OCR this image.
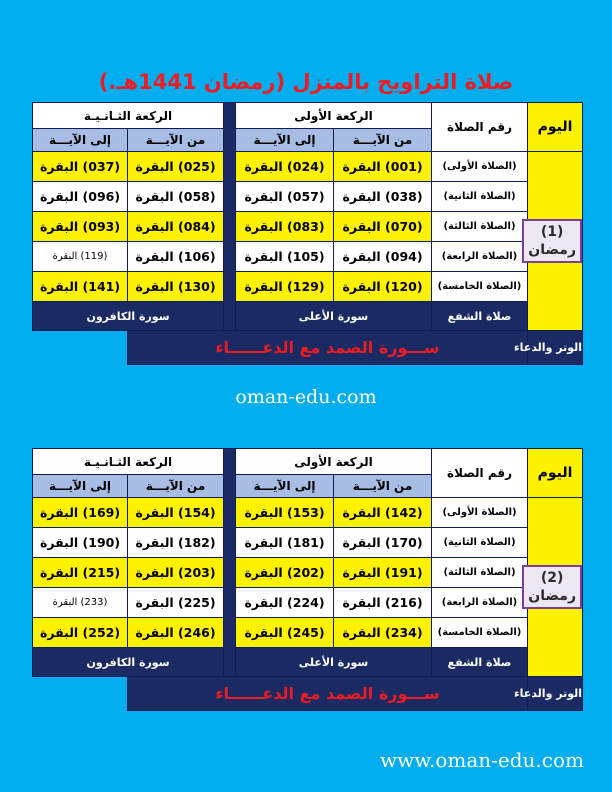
صلاة التراويح بالمنزل (رمضان 1441هـ.)
اليوم	رقم الصلاة	الركعة الأولى			الركعة الثـانـيـة	
		من الآيـــة	إلى الآيـــة		من الآيـــة	إلى الآيـــة

(1)
رمضان	(الصلاة الأولى)	(001) البقرة	(024) البقرة		(025) البقرة	(037) البقرة
	(الصلاة الثانية)	(038) البقرة	(057) البقرة		(058) البقرة	(096) البقرة
	(الصلاة الثالثة)	(070) البقرة	(083) البقرة		(084) البقرة	(093) البقرة
	(الصلاة الرابعة)	(094) البقرة	(105) البقرة		(106) البقرة	(119) البقرة
	(الصلاة الخامسة)	(120) البقرة	(129) البقرة		(130) البقرة	(141) البقرة
	صلاة الشفع	سورة الأعلى			سورة الكافرون	
الوتر والدعاء	ســـورة الصمد مع الدعــــــاء					
oman-edu.com
اليوم	رقم الصلاة	الركعة الأولى			الركعة الثـانـيـة	
		من الآيـــة	إلى الآيـــة		من الآيـــة	إلى الآيـــة

(2)
رمضان	(الصلاة الأولى)	(142) البقرة	(153) البقرة		(154) البقرة	(169) البقرة
	(الصلاة الثانية)	(170) البقرة	(181) البقرة		(182) البقرة	(190) البقرة
	(الصلاة الثالثة)	(191) البقرة	(202) البقرة		(203) البقرة	(215) البقرة
	(الصلاة الرابعة)	(216) البقرة	(224) البقرة		(225) البقرة	(233) البقرة
	(الصلاة الخامسة)	(234) البقرة	(245) البقرة		(246) البقرة	(252) البقرة
	صلاة الشفع	سورة الأعلى			سورة الكافرون	
الوتر والدعاء	ســـورة الصمد مع الدعــــــاء					
www.oman-edu.com
